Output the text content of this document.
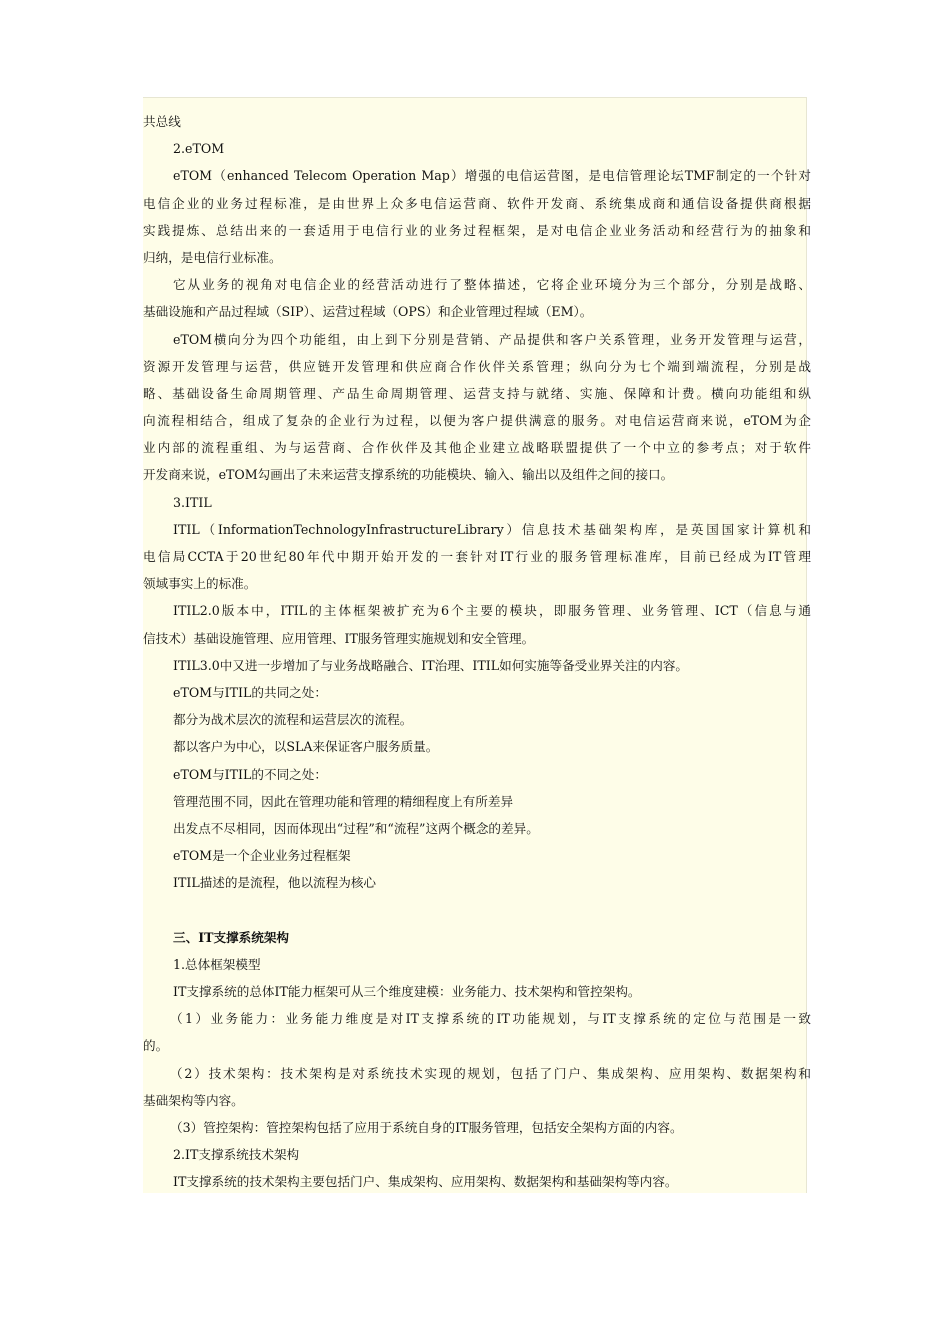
共总线
2.eTOM
eTOM（enhanced Telecom Operation Map）增强的电信运营图，是电信管理论坛TMF制定的一个针对
电信企业的业务过程标准，是由世界上众多电信运营商、软件开发商、系统集成商和通信设备提供商根据
实践提炼、总结出来的一套适用于电信行业的业务过程框架，是对电信企业业务活动和经营行为的抽象和
归纳，是电信行业标准。
它从业务的视角对电信企业的经营活动进行了整体描述，它将企业环境分为三个部分，分别是战略、
基础设施和产品过程域（SIP）、运营过程域（OPS）和企业管理过程域（EM）。
eTOM横向分为四个功能组，由上到下分别是营销、产品提供和客户关系管理，业务开发管理与运营，
资源开发管理与运营，供应链开发管理和供应商合作伙伴关系管理；纵向分为七个端到端流程，分别是战
略、基础设备生命周期管理、产品生命周期管理、运营支持与就绪、实施、保障和计费。横向功能组和纵
向流程相结合，组成了复杂的企业行为过程，以便为客户提供满意的服务。对电信运营商来说，eTOM为企
业内部的流程重组、为与运营商、合作伙伴及其他企业建立战略联盟提供了一个中立的参考点；对于软件
开发商来说，eTOM勾画出了未来运营支撑系统的功能模块、输入、输出以及组件之间的接口。
3.ITIL
ITIL（InformationTechnologyInfrastructureLibrary）信息技术基础架构库，是英国国家计算机和
电信局CCTA于20世纪80年代中期开始开发的一套针对IT行业的服务管理标准库，目前已经成为IT管理
领域事实上的标准。
ITIL2.0版本中，ITIL的主体框架被扩充为6个主要的模块，即服务管理、业务管理、ICT（信息与通
信技术）基础设施管理、应用管理、IT服务管理实施规划和安全管理。
ITIL3.0中又进一步增加了与业务战略融合、IT治理、ITIL如何实施等备受业界关注的内容。
eTOM与ITIL的共同之处：
都分为战术层次的流程和运营层次的流程。
都以客户为中心，以SLA来保证客户服务质量。
eTOM与ITIL的不同之处：
管理范围不同，因此在管理功能和管理的精细程度上有所差异
出发点不尽相同，因而体现出“过程”和“流程”这两个概念的差异。
eTOM是一个企业业务过程框架
ITIL描述的是流程，他以流程为核心
三、IT支撑系统架构
1.总体框架模型
IT支撑系统的总体IT能力框架可从三个维度建模：业务能力、技术架构和管控架构。
（1）业务能力：业务能力维度是对IT支撑系统的IT功能规划，与IT支撑系统的定位与范围是一致
的。
（2）技术架构：技术架构是对系统技术实现的规划，包括了门户、集成架构、应用架构、数据架构和
基础架构等内容。
（3）管控架构：管控架构包括了应用于系统自身的IT服务管理，包括安全架构方面的内容。
2.IT支撑系统技术架构
IT支撑系统的技术架构主要包括门户、集成架构、应用架构、数据架构和基础架构等内容。
